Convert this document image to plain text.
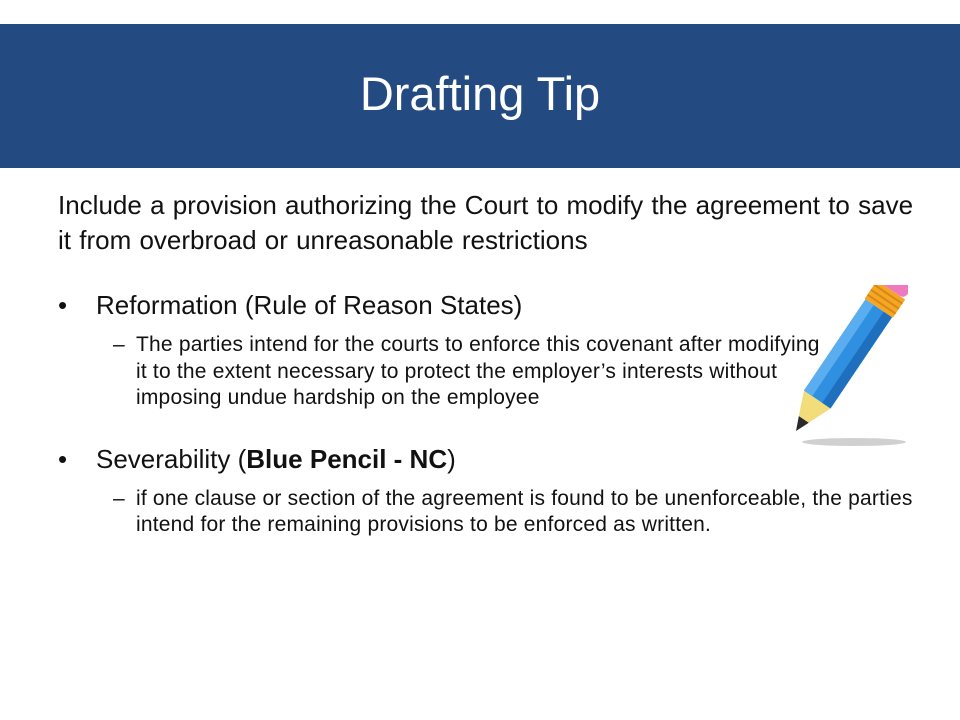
Drafting Tip

Include a provision authorizing the Court to modify the agreement to save it from overbroad or unreasonable restrictions

• Reformation (Rule of Reason States)

– The parties intend for the courts to enforce this covenant after modifying it to the extent necessary to protect the employer’s interests without imposing undue hardship on the employee

• Severability (Blue Pencil - NC)

– if one clause or section of the agreement is found to be unenforceable, the parties intend for the remaining provisions to be enforced as written.
